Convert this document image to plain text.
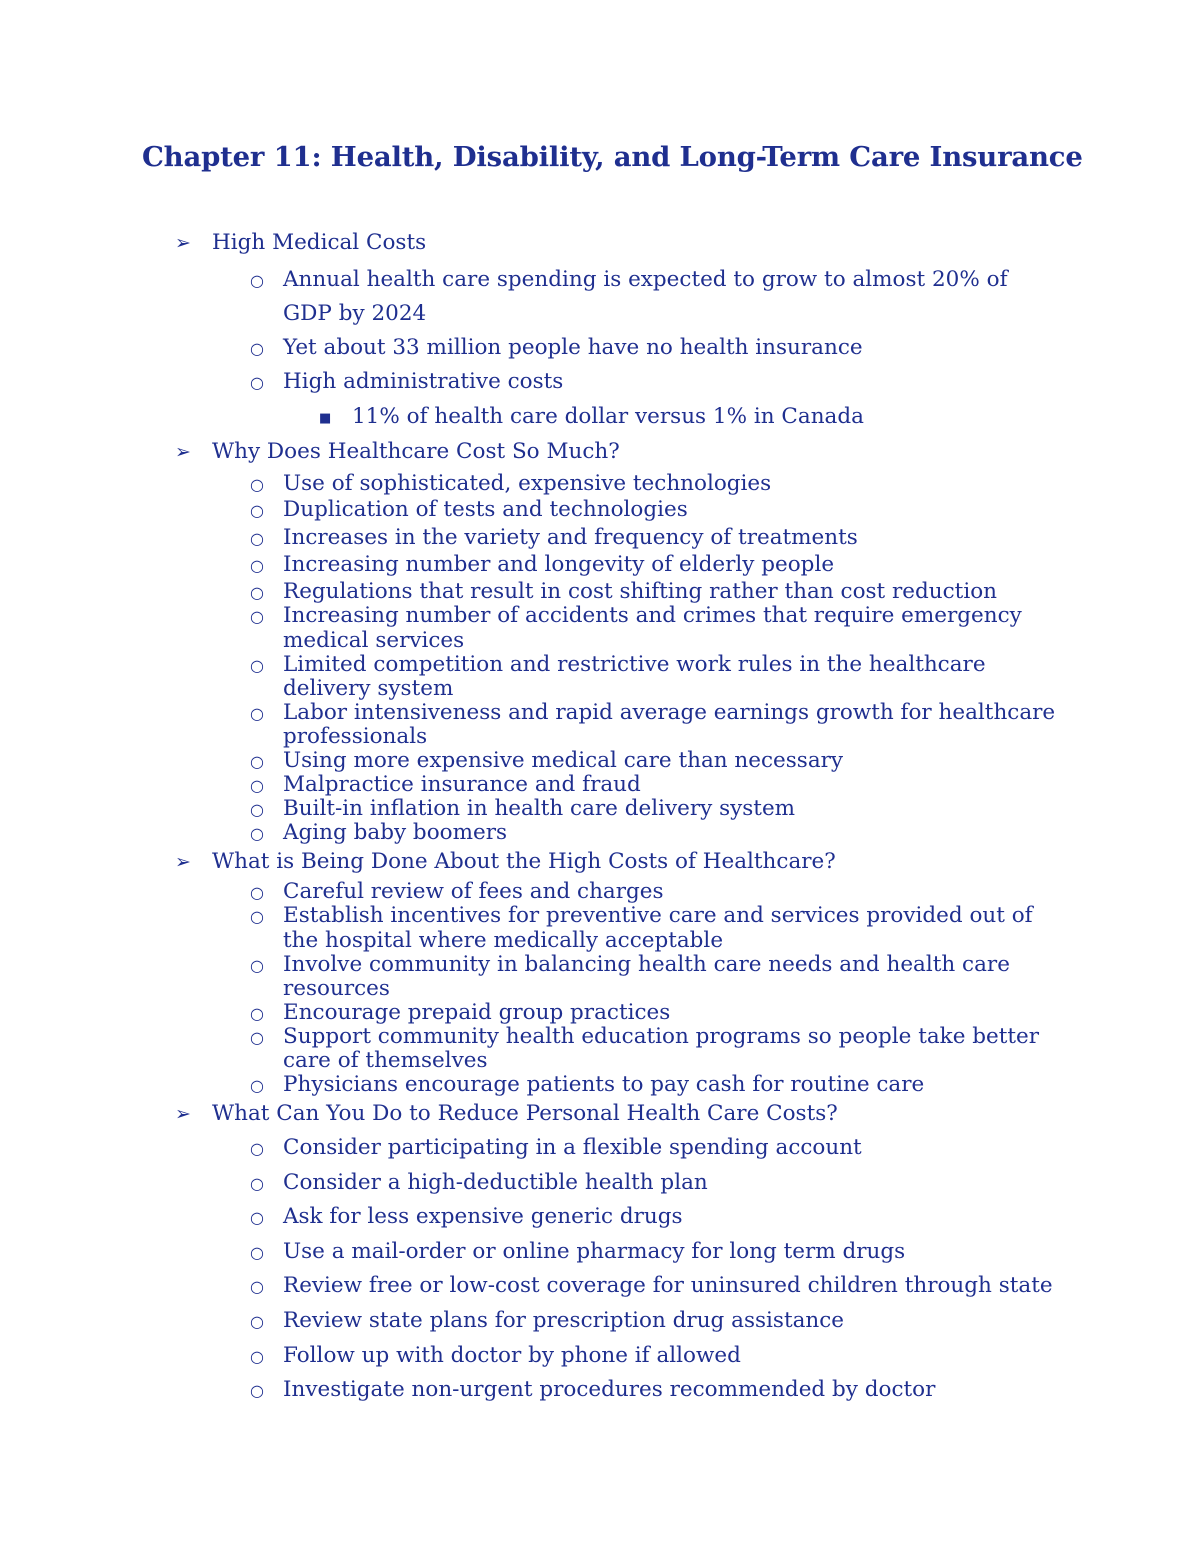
Chapter 11: Health, Disability, and Long-Term Care Insurance
➢ High Medical Costs
○ Annual health care spending is expected to grow to almost 20% of
GDP by 2024
○ Yet about 33 million people have no health insurance
○ High administrative costs
■ 11% of health care dollar versus 1% in Canada
➢ Why Does Healthcare Cost So Much?
○ Use of sophisticated, expensive technologies
○ Duplication of tests and technologies
○ Increases in the variety and frequency of treatments
○ Increasing number and longevity of elderly people
○ Regulations that result in cost shifting rather than cost reduction
○ Increasing number of accidents and crimes that require emergency
medical services
○ Limited competition and restrictive work rules in the healthcare
delivery system
○ Labor intensiveness and rapid average earnings growth for healthcare
professionals
○ Using more expensive medical care than necessary
○ Malpractice insurance and fraud
○ Built-in inflation in health care delivery system
○ Aging baby boomers
➢ What is Being Done About the High Costs of Healthcare?
○ Careful review of fees and charges
○ Establish incentives for preventive care and services provided out of
the hospital where medically acceptable
○ Involve community in balancing health care needs and health care
resources
○ Encourage prepaid group practices
○ Support community health education programs so people take better
care of themselves
○ Physicians encourage patients to pay cash for routine care
➢ What Can You Do to Reduce Personal Health Care Costs?
○ Consider participating in a flexible spending account
○ Consider a high-deductible health plan
○ Ask for less expensive generic drugs
○ Use a mail-order or online pharmacy for long term drugs
○ Review free or low-cost coverage for uninsured children through state
○ Review state plans for prescription drug assistance
○ Follow up with doctor by phone if allowed
○ Investigate non-urgent procedures recommended by doctor
